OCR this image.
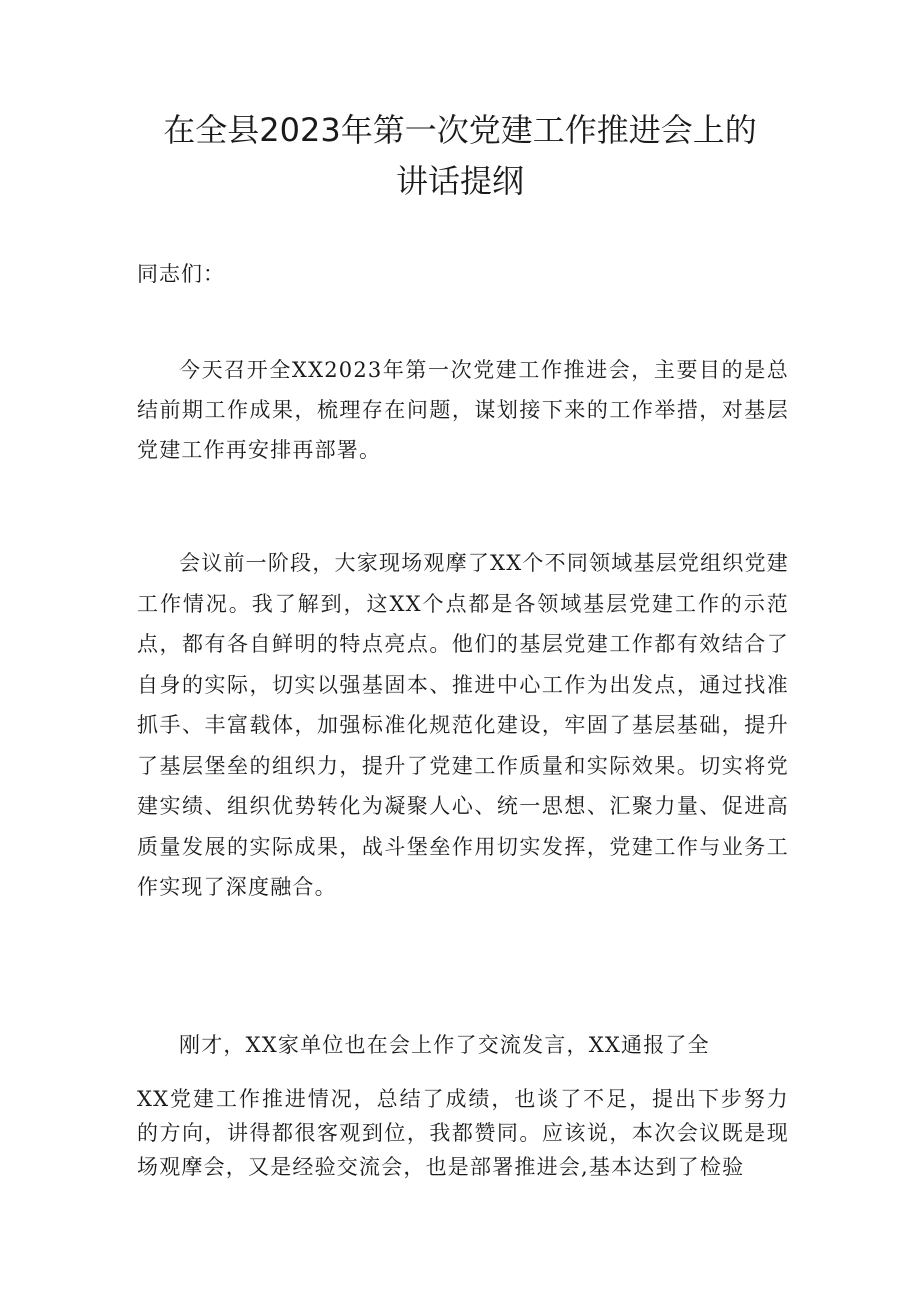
在全县2023年第一次党建工作推进会上的
讲话提纲

同志们：

今天召开全XX2023年第一次党建工作推进会，主要目的是总结前期工作成果，梳理存在问题，谋划接下来的工作举措，对基层党建工作再安排再部署。

会议前一阶段，大家现场观摩了XX个不同领域基层党组织党建工作情况。我了解到，这XX个点都是各领域基层党建工作的示范点，都有各自鲜明的特点亮点。他们的基层党建工作都有效结合了自身的实际，切实以强基固本、推进中心工作为出发点，通过找准抓手、丰富载体，加强标准化规范化建设，牢固了基层基础，提升了基层堡垒的组织力，提升了党建工作质量和实际效果。切实将党建实绩、组织优势转化为凝聚人心、统一思想、汇聚力量、促进高质量发展的实际成果，战斗堡垒作用切实发挥，党建工作与业务工作实现了深度融合。

刚才，XX家单位也在会上作了交流发言，XX通报了全

XX党建工作推进情况，总结了成绩，也谈了不足，提出下步努力的方向，讲得都很客观到位，我都赞同。应该说，本次会议既是现场观摩会，又是经验交流会，也是部署推进会,基本达到了检验
